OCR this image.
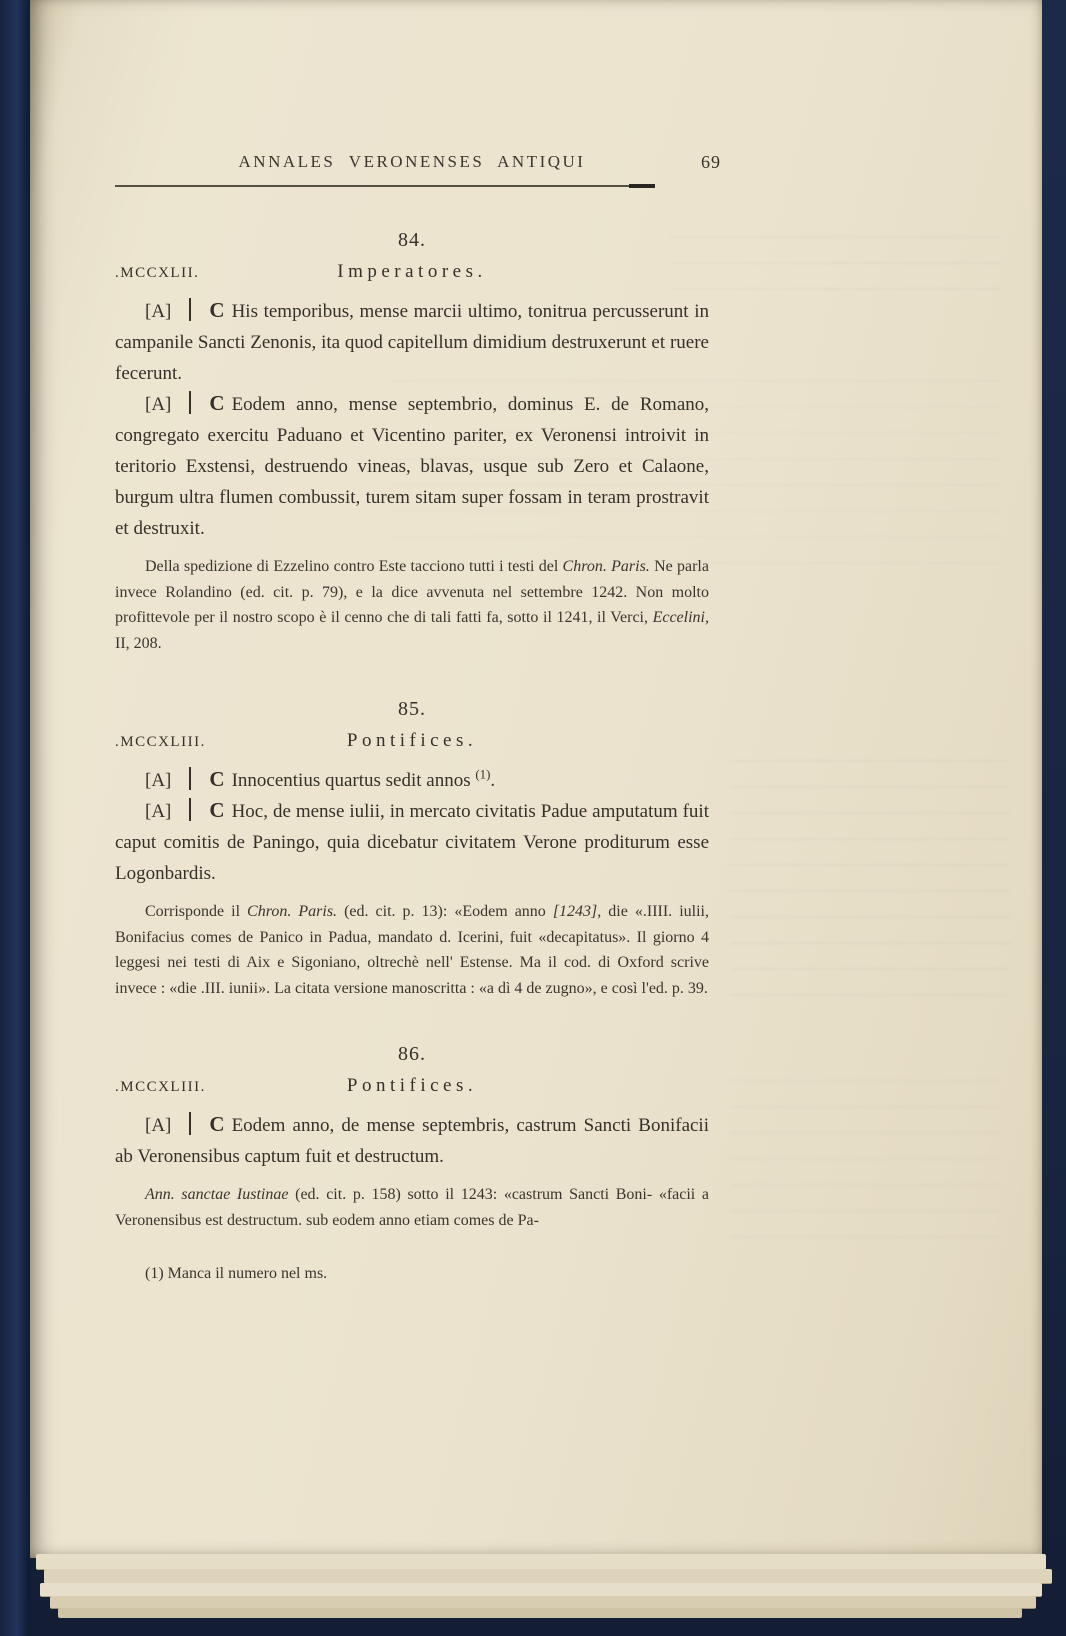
ANNALES VERONENSES ANTIQUI	69
84.
.MCCXLII.	Imperatores.

[A] C His temporibus, mense marcii ultimo, tonitrua percusserunt in campanile Sancti Zenonis, ita quod capitellum dimidium destruxerunt et ruere fecerunt.

[A] C Eodem anno, mense septembrio, dominus E. de Romano, congregato exercitu Paduano et Vicentino pariter, ex Veronensi introivit in teritorio Exstensi, destruendo vineas, blavas, usque sub Zero et Calaone, burgum ultra flumen combussit, turem sitam super fossam in teram prostravit et destruxit.

Della spedizione di Ezzelino contro Este tacciono tutti i testi del Chron. Paris. Ne parla invece Rolandino (ed. cit. p. 79), e la dice avvenuta nel settembre 1242. Non molto profittevole per il nostro scopo è il cenno che di tali fatti fa, sotto il 1241, il Verci, Eccelini, II, 208.
85.
.MCCXLIII.	Pontifices.

[A] C Innocentius quartus sedit annos $^{(1)}$.

[A] C Hoc, de mense iulii, in mercato civitatis Padue amputatum fuit caput comitis de Paningo, quia dicebatur civitatem Verone proditurum esse Logonbardis.

Corrisponde il Chron. Paris. (ed. cit. p. 13): «Eodem anno [1243], die «.IIII. iulii, Bonifacius comes de Panico in Padua, mandato d. Icerini, fuit «decapitatus». Il giorno 4 leggesi nei testi di Aix e Sigoniano, oltrechè nell' Estense. Ma il cod. di Oxford scrive invece : «die .III. iunii». La citata versione manoscritta : «a dì 4 de zugno», e così l'ed. p. 39.
86.
.MCCXLIII.	Pontifices.

[A] C Eodem anno, de mense septembris, castrum Sancti Bonifacii ab Veronensibus captum fuit et destructum.

Ann. sanctae Iustinae (ed. cit. p. 158) sotto il 1243: «castrum Sancti Boni- «facii a Veronensibus est destructum. sub eodem anno etiam comes de Pa-
(1) Manca il numero nel ms.
